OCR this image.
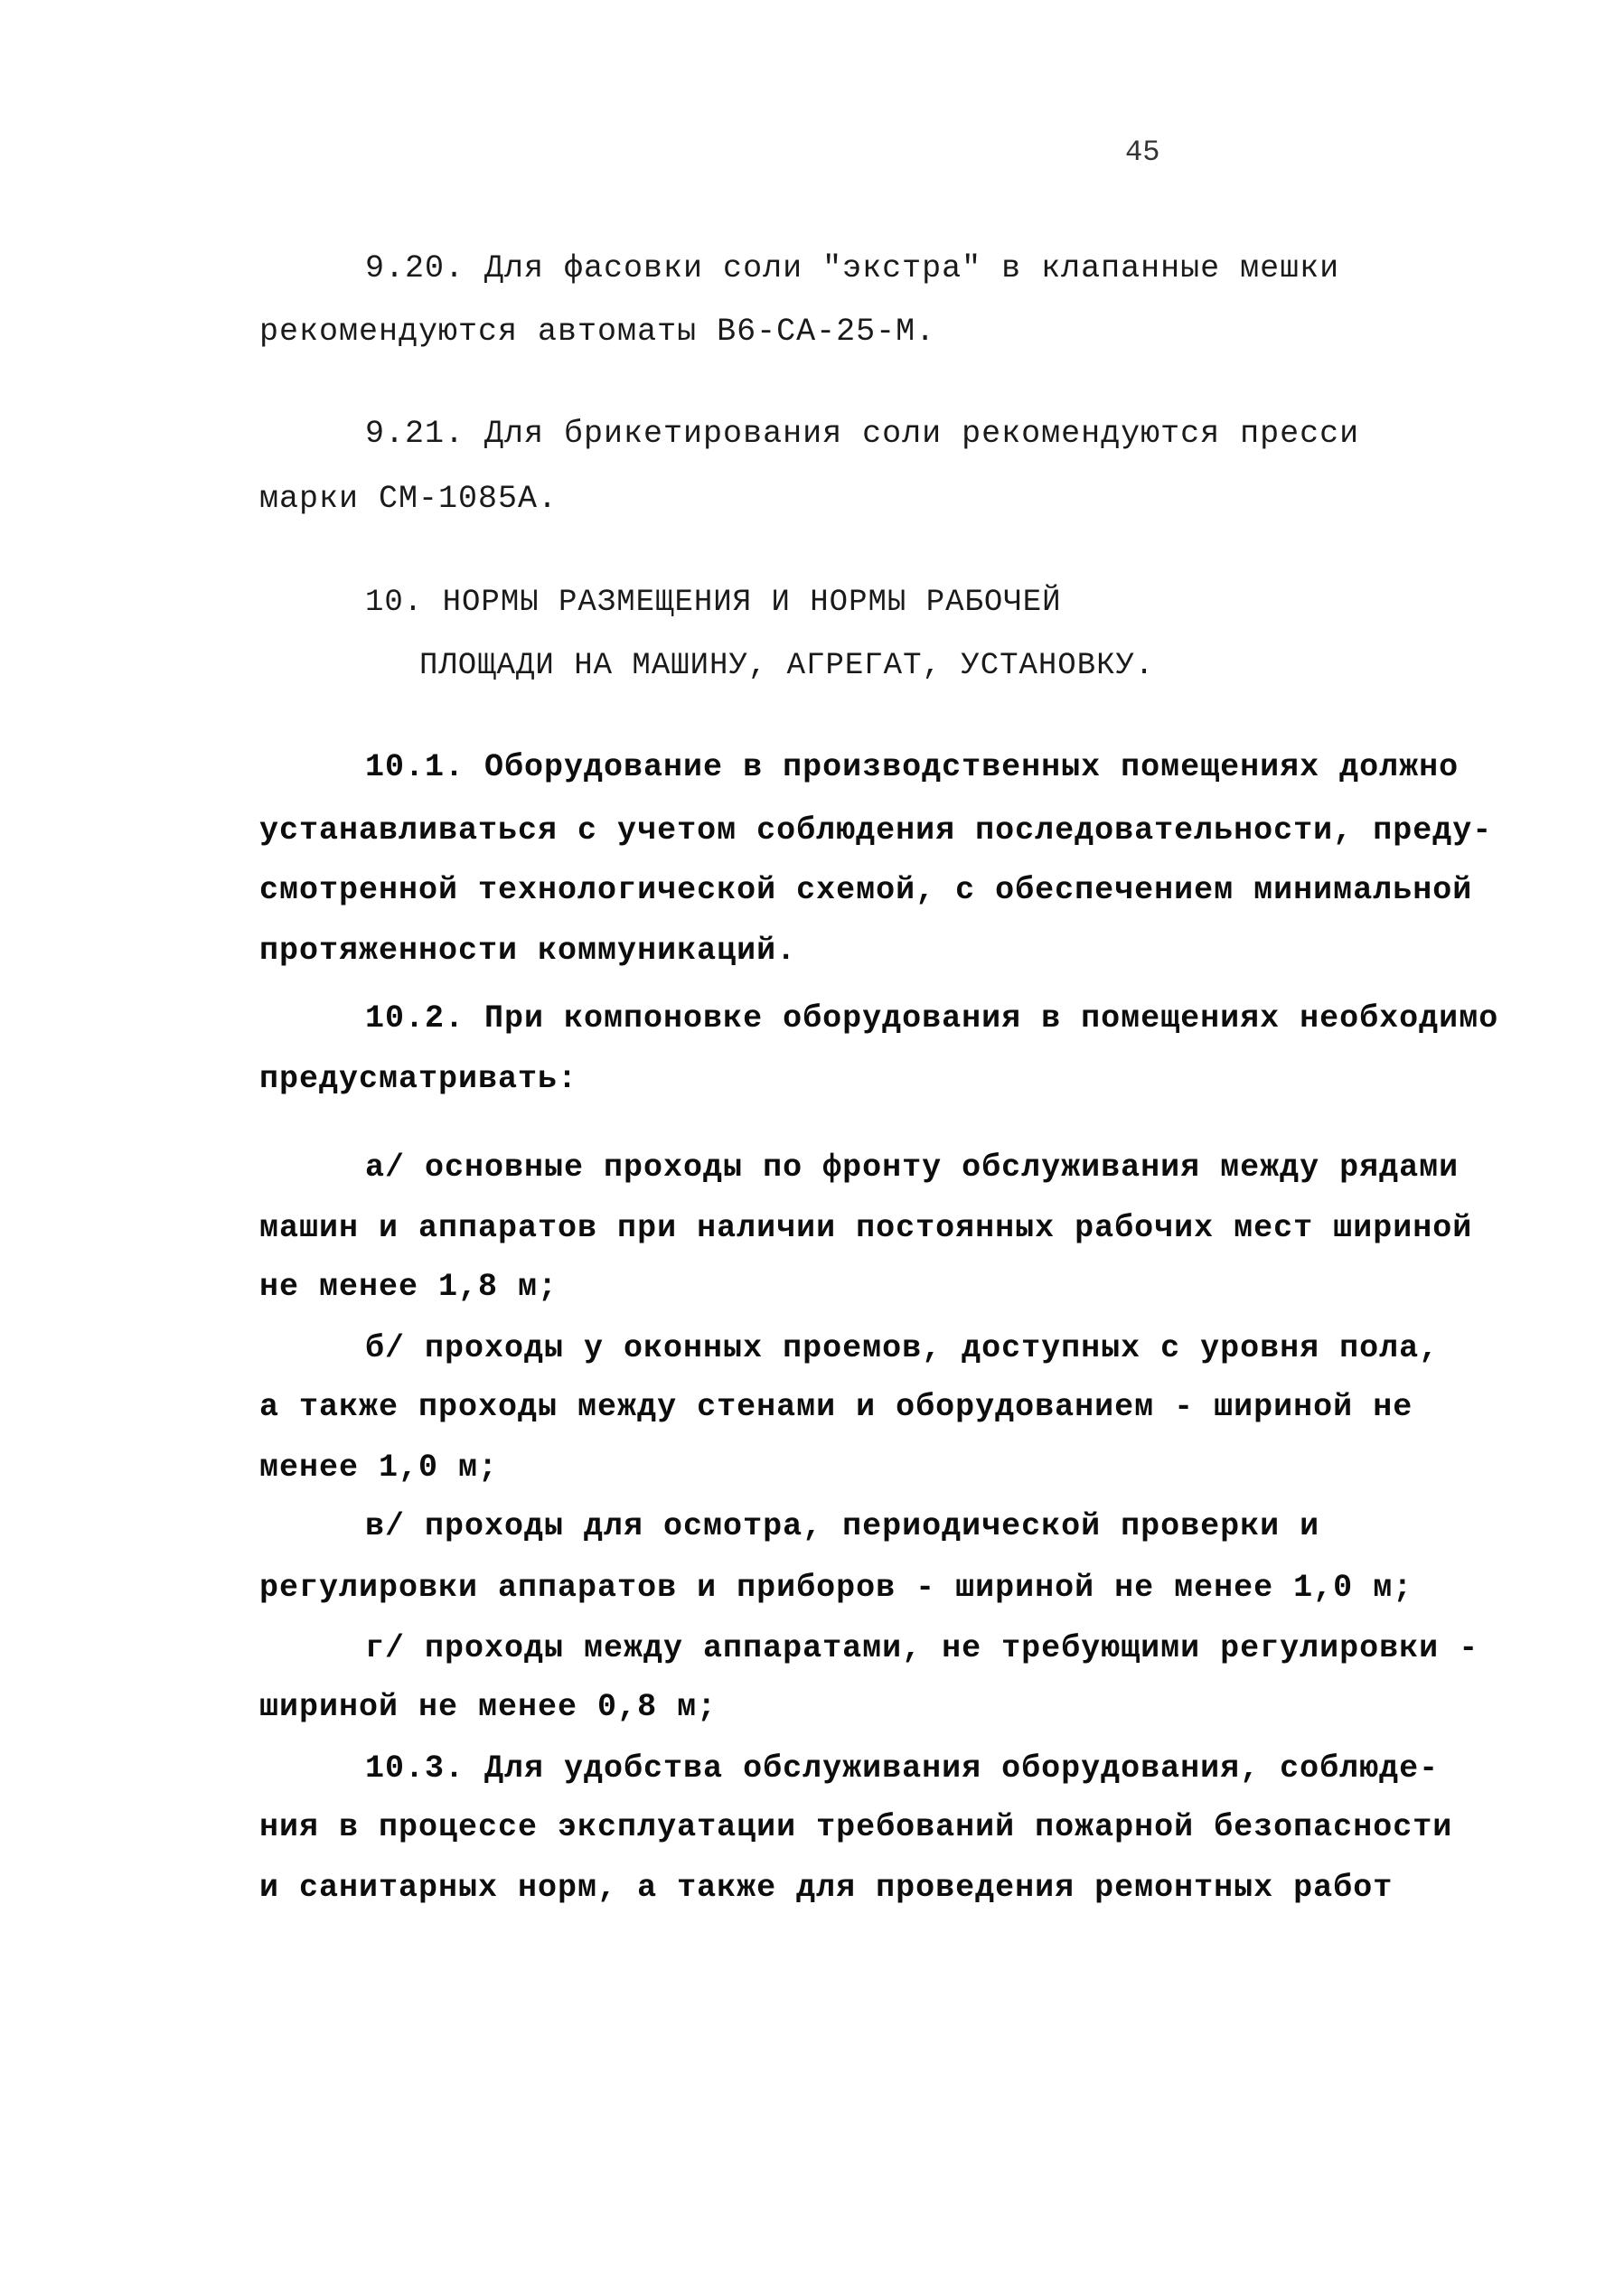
45
9.20. Для фасовки соли "экстра" в клапанные мешки
рекомендуются автоматы В6-СА-25-М.
9.21. Для брикетирования соли рекомендуются пресси
марки СМ-1085А.
10. НОРМЫ РАЗМЕЩЕНИЯ И НОРМЫ РАБОЧЕЙ
ПЛОЩАДИ НА МАШИНУ, АГРЕГАТ, УСТАНОВКУ.
10.1. Оборудование в производственных помещениях должно
устанавливаться с учетом соблюдения последовательности, преду-
смотренной технологической схемой, с обеспечением минимальной
протяженности коммуникаций.
10.2. При компоновке оборудования в помещениях необходимо
предусматривать:
а/ основные проходы по фронту обслуживания между рядами
машин и аппаратов при наличии постоянных рабочих мест шириной
не менее 1,8 м;
б/ проходы у оконных проемов, доступных с уровня пола,
а также проходы между стенами и оборудованием - шириной не
менее 1,0 м;
в/ проходы для осмотра, периодической проверки и
регулировки аппаратов и приборов - шириной не менее 1,0 м;
г/ проходы между аппаратами, не требующими регулировки -
шириной не менее 0,8 м;
10.3. Для удобства обслуживания оборудования, соблюде-
ния в процессе эксплуатации требований пожарной безопасности
и санитарных норм, а также для проведения ремонтных работ
